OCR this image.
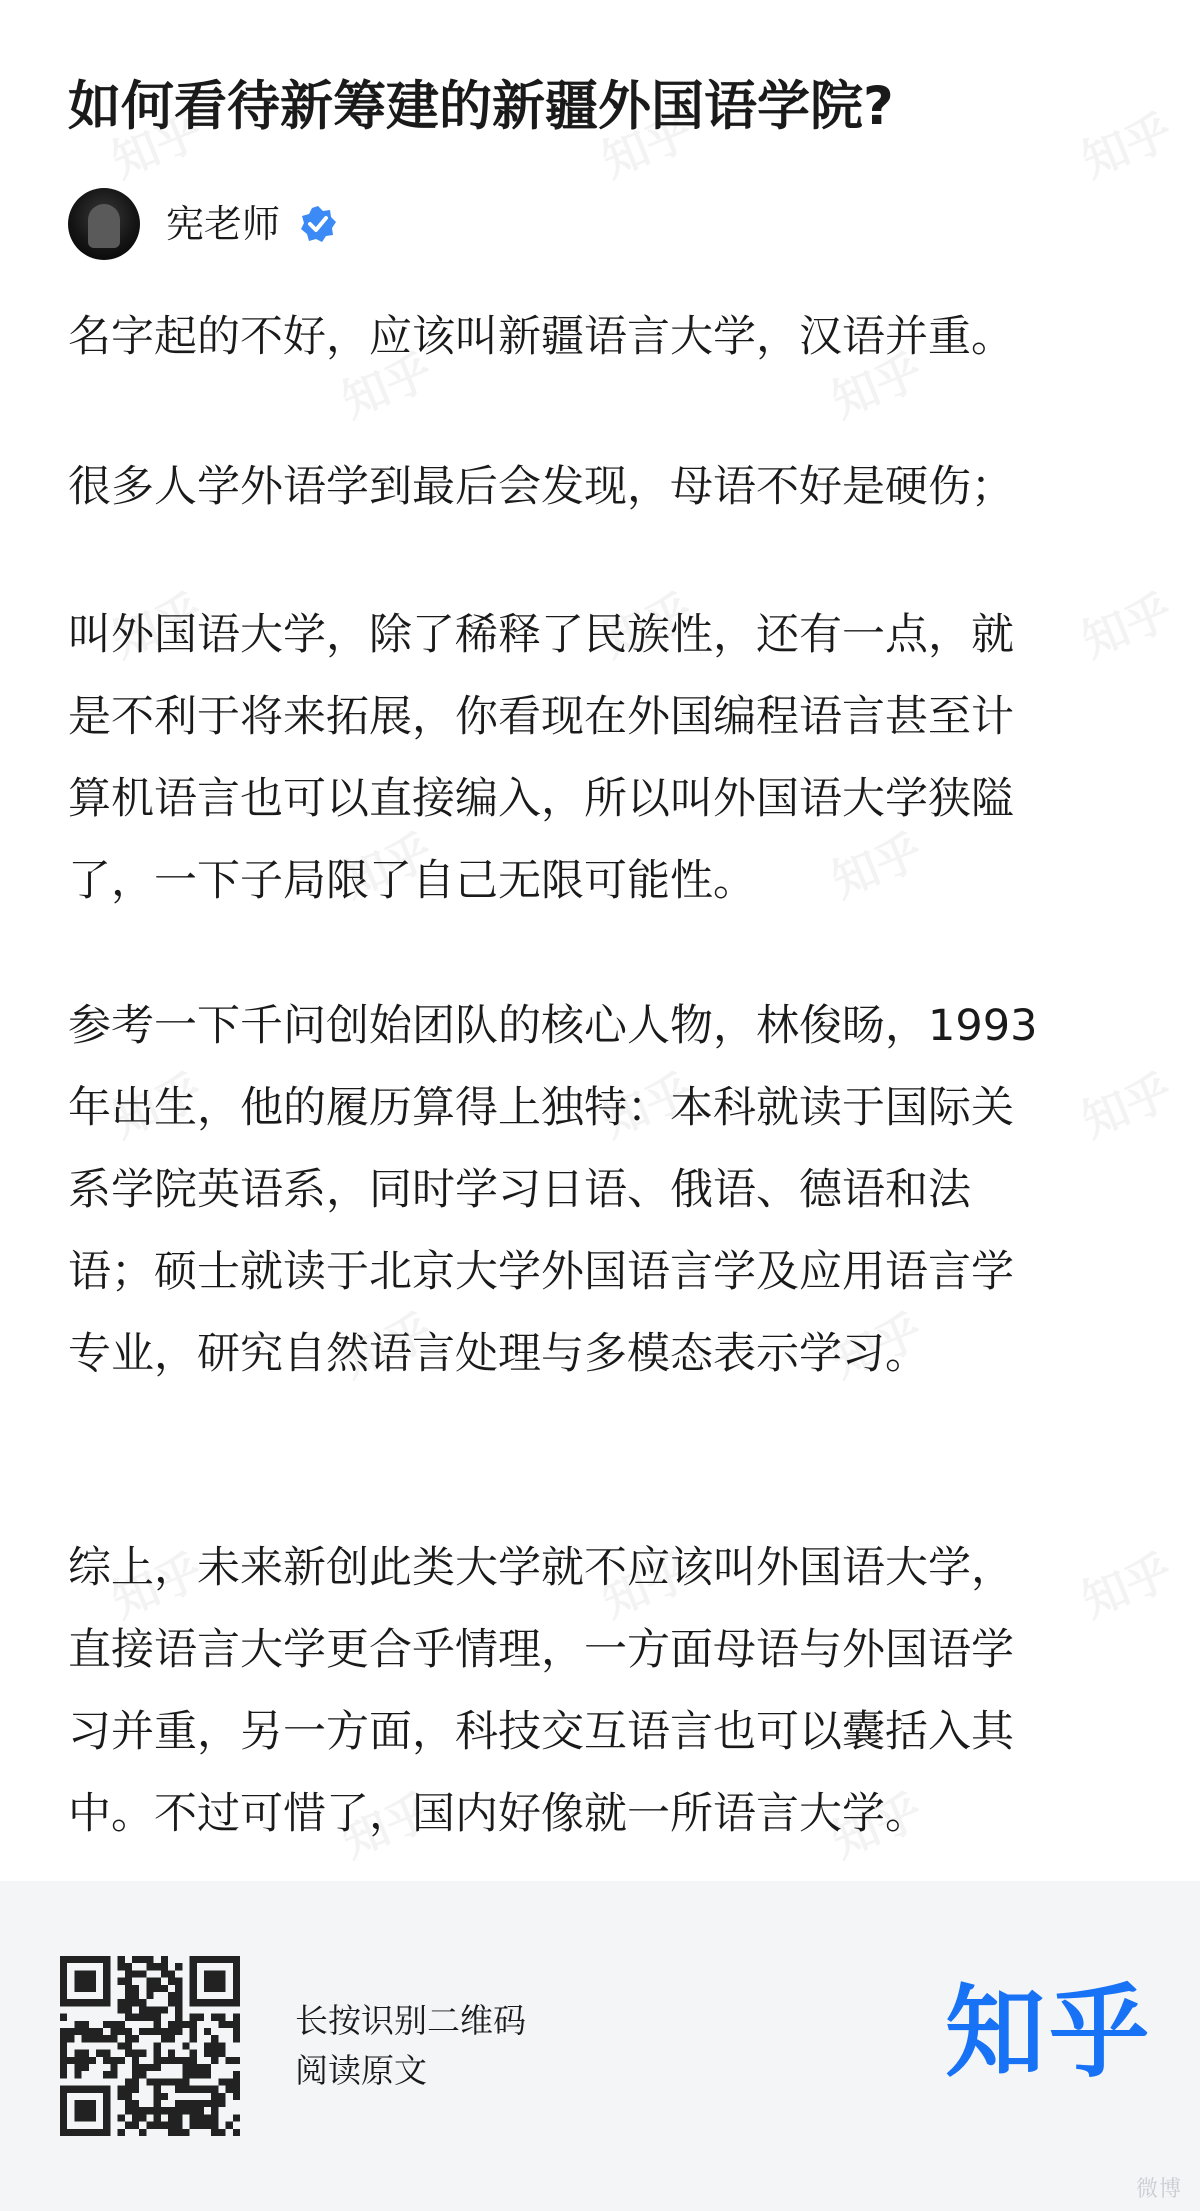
如何看待新筹建的新疆外国语学院?
宪老师
名字起的不好，应该叫新疆语言大学，汉语并重。
很多人学外语学到最后会发现，母语不好是硬伤；
叫外国语大学，除了稀释了民族性，还有一点，就
是不利于将来拓展，你看现在外国编程语言甚至计
算机语言也可以直接编入，所以叫外国语大学狭隘
了，一下子局限了自己无限可能性。
参考一下千问创始团队的核心人物，林俊旸，1993
年出生，他的履历算得上独特：本科就读于国际关
系学院英语系，同时学习日语、俄语、德语和法
语；硕士就读于北京大学外国语言学及应用语言学
专业，研究自然语言处理与多模态表示学习。
综上，未来新创此类大学就不应该叫外国语大学，
直接语言大学更合乎情理，一方面母语与外国语学
习并重，另一方面，科技交互语言也可以囊括入其
中。不过可惜了，国内好像就一所语言大学。
长按识别二维码
阅读原文	知乎
微博
